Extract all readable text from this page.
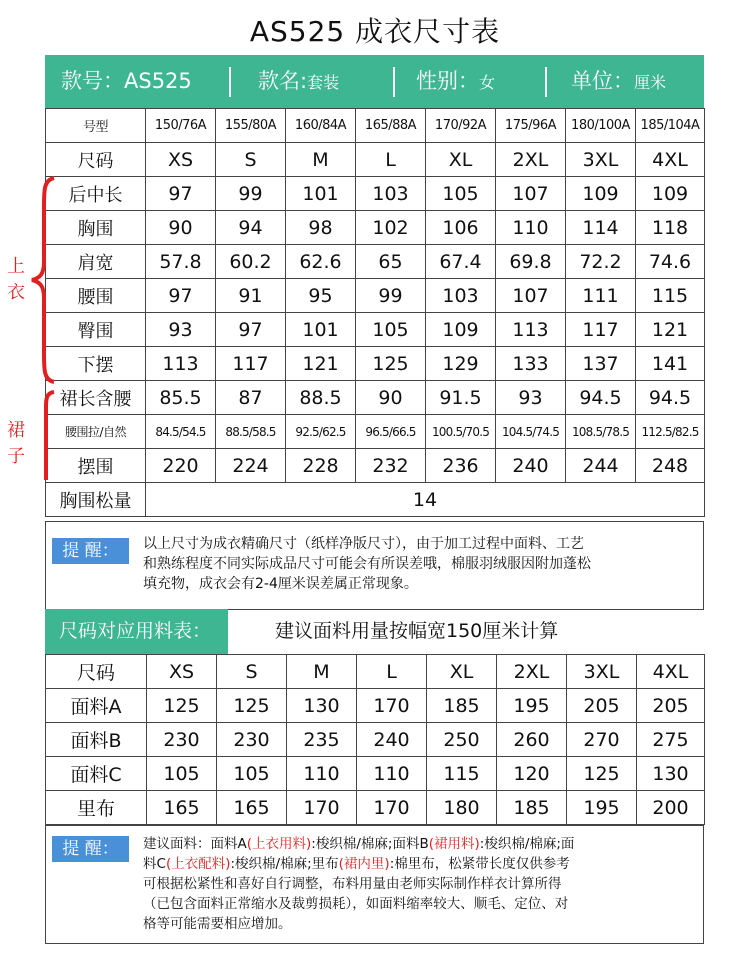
AS525 成衣尺寸表
款号：AS525	款名:套装	性别：女	单位：厘米
号型	150/76A	155/80A	160/84A	165/88A	170/92A	175/96A	180/100A	185/104A
尺码	XS	S	M	L	XL	2XL	3XL	4XL
后中长	97	99	101	103	105	107	109	109
胸围	90	94	98	102	106	110	114	118
肩宽	57.8	60.2	62.6	65	67.4	69.8	72.2	74.6
腰围	97	91	95	99	103	107	111	115
臀围	93	97	101	105	109	113	117	121
下摆	113	117	121	125	129	133	137	141
裙长含腰	85.5	87	88.5	90	91.5	93	94.5	94.5
腰围拉/自然	84.5/54.5	88.5/58.5	92.5/62.5	96.5/66.5	100.5/70.5	104.5/74.5	108.5/78.5	112.5/82.5
摆围	220	224	228	232	236	240	244	248
胸围松量	14							
上衣
裙子
提 醒：	以上尺寸为成衣精确尺寸（纸样净版尺寸），由于加工过程中面料、工艺
和熟练程度不同实际成品尺寸可能会有所误差哦，棉服羽绒服因附加蓬松
填充物，成衣会有2-4厘米误差属正常现象。
尺码对应用料表：	建议面料用量按幅宽150厘米计算
尺码	XS	S	M	L	XL	2XL	3XL	4XL
面料A	125	125	130	170	185	195	205	205
面料B	230	230	235	240	250	260	270	275
面料C	105	105	110	110	115	120	125	130
里布	165	165	170	170	180	185	195	200
提 醒：	建议面料：面料A(上衣用料):梭织棉/棉麻;面料B(裙用料):梭织棉/棉麻;面
料C(上衣配料):梭织棉/棉麻;里布(裙内里):棉里布，松紧带长度仅供参考
可根据松紧性和喜好自行调整，布料用量由老师实际制作样衣计算所得
（已包含面料正常缩水及裁剪损耗），如面料缩率较大、顺毛、定位、对
格等可能需要相应增加。
